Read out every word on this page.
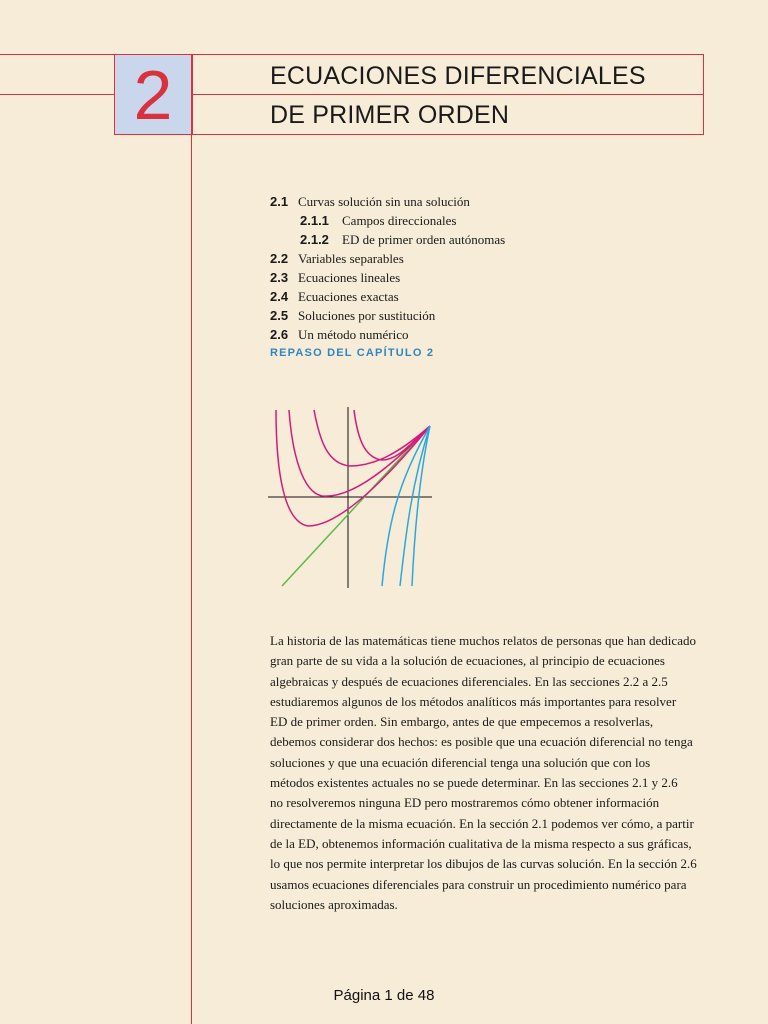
2	ECUACIONES DIFERENCIALES
DE PRIMER ORDEN
2.1 Curvas solución sin una solución
2.1.1 Campos direccionales
2.1.2 ED de primer orden autónomas
2.2 Variables separables
2.3 Ecuaciones lineales
2.4 Ecuaciones exactas
2.5 Soluciones por sustitución
2.6 Un método numérico
REPASO DEL CAPÍTULO 2
La historia de las matemáticas tiene muchos relatos de personas que han dedicado
gran parte de su vida a la solución de ecuaciones, al principio de ecuaciones
algebraicas y después de ecuaciones diferenciales. En las secciones 2.2 a 2.5
estudiaremos algunos de los métodos analíticos más importantes para resolver
ED de primer orden. Sin embargo, antes de que empecemos a resolverlas,
debemos considerar dos hechos: es posible que una ecuación diferencial no tenga
soluciones y que una ecuación diferencial tenga una solución que con los
métodos existentes actuales no se puede determinar. En las secciones 2.1 y 2.6
no resolveremos ninguna ED pero mostraremos cómo obtener información
directamente de la misma ecuación. En la sección 2.1 podemos ver cómo, a partir
de la ED, obtenemos información cualitativa de la misma respecto a sus gráficas,
lo que nos permite interpretar los dibujos de las curvas solución. En la sección 2.6
usamos ecuaciones diferenciales para construir un procedimiento numérico para
soluciones aproximadas.
Página 1 de 48
